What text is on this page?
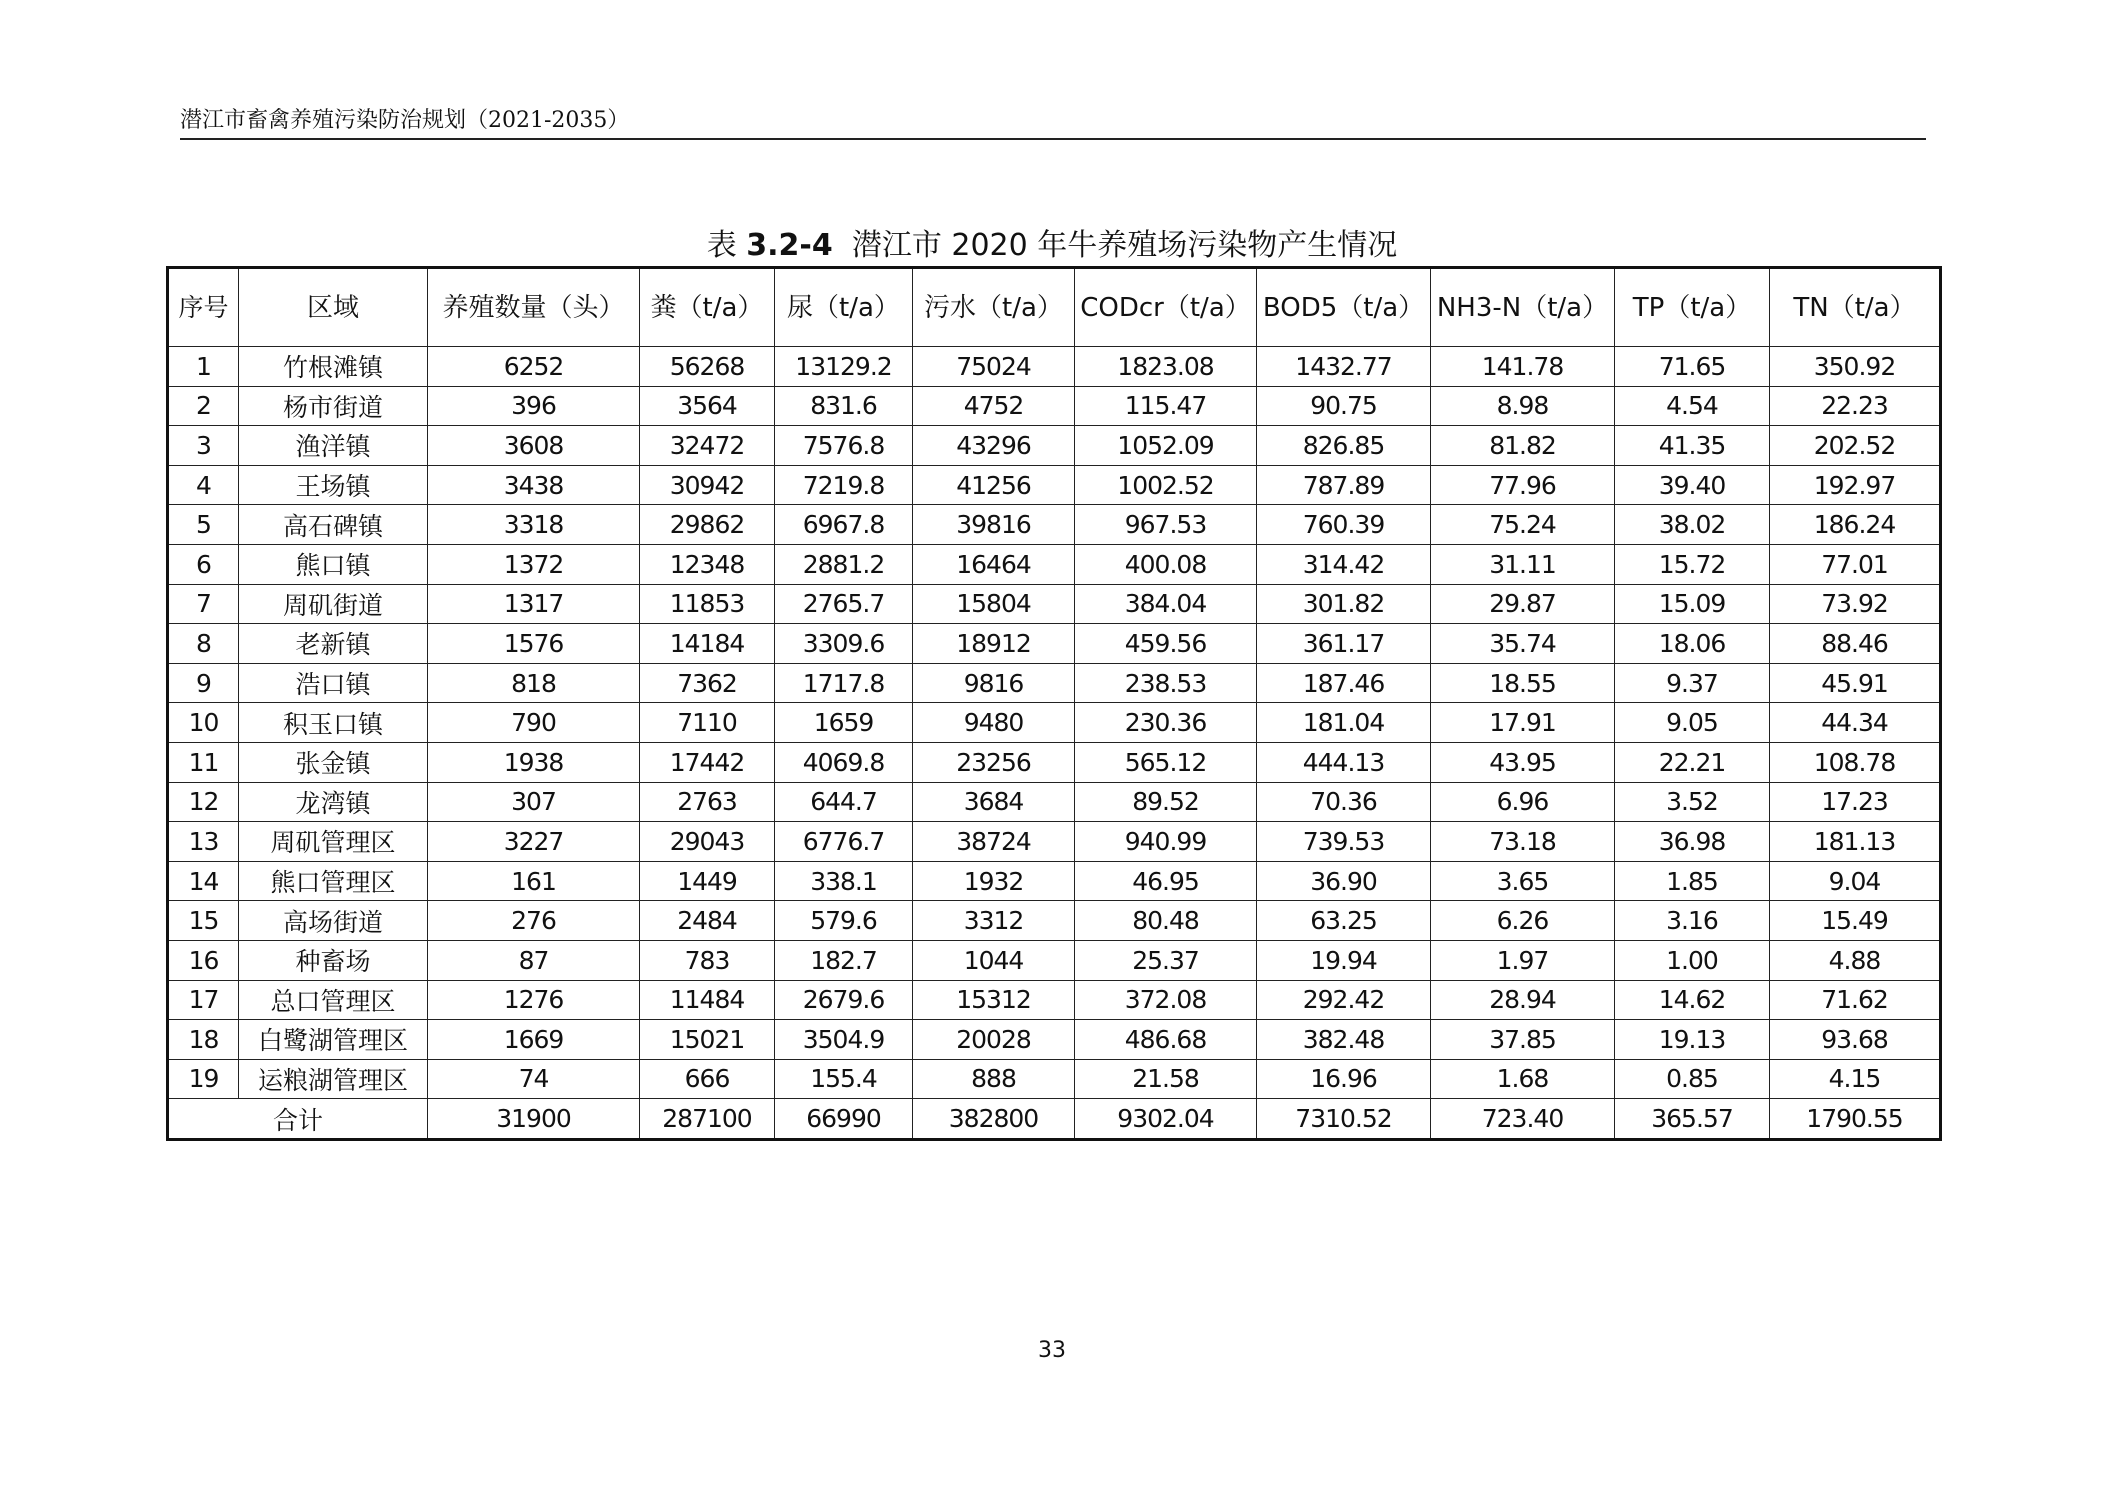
潜江市畜禽养殖污染防治规划（2021-2035）
表 3.2-4 潜江市 2020 年牛养殖场污染物产生情况
序号	区域	养殖数量（头）	粪（t/a）	尿（t/a）	污水（t/a）	CODcr（t/a）	BOD5（t/a）	NH3-N（t/a）	TP（t/a）	TN（t/a）
1	竹根滩镇	6252	56268	13129.2	75024	1823.08	1432.77	141.78	71.65	350.92
2	杨市街道	396	3564	831.6	4752	115.47	90.75	8.98	4.54	22.23
3	渔洋镇	3608	32472	7576.8	43296	1052.09	826.85	81.82	41.35	202.52
4	王场镇	3438	30942	7219.8	41256	1002.52	787.89	77.96	39.40	192.97
5	高石碑镇	3318	29862	6967.8	39816	967.53	760.39	75.24	38.02	186.24
6	熊口镇	1372	12348	2881.2	16464	400.08	314.42	31.11	15.72	77.01
7	周矶街道	1317	11853	2765.7	15804	384.04	301.82	29.87	15.09	73.92
8	老新镇	1576	14184	3309.6	18912	459.56	361.17	35.74	18.06	88.46
9	浩口镇	818	7362	1717.8	9816	238.53	187.46	18.55	9.37	45.91
10	积玉口镇	790	7110	1659	9480	230.36	181.04	17.91	9.05	44.34
11	张金镇	1938	17442	4069.8	23256	565.12	444.13	43.95	22.21	108.78
12	龙湾镇	307	2763	644.7	3684	89.52	70.36	6.96	3.52	17.23
13	周矶管理区	3227	29043	6776.7	38724	940.99	739.53	73.18	36.98	181.13
14	熊口管理区	161	1449	338.1	1932	46.95	36.90	3.65	1.85	9.04
15	高场街道	276	2484	579.6	3312	80.48	63.25	6.26	3.16	15.49
16	种畜场	87	783	182.7	1044	25.37	19.94	1.97	1.00	4.88
17	总口管理区	1276	11484	2679.6	15312	372.08	292.42	28.94	14.62	71.62
18	白鹭湖管理区	1669	15021	3504.9	20028	486.68	382.48	37.85	19.13	93.68
19	运粮湖管理区	74	666	155.4	888	21.58	16.96	1.68	0.85	4.15
合计		31900	287100	66990	382800	9302.04	7310.52	723.40	365.57	1790.55
33
